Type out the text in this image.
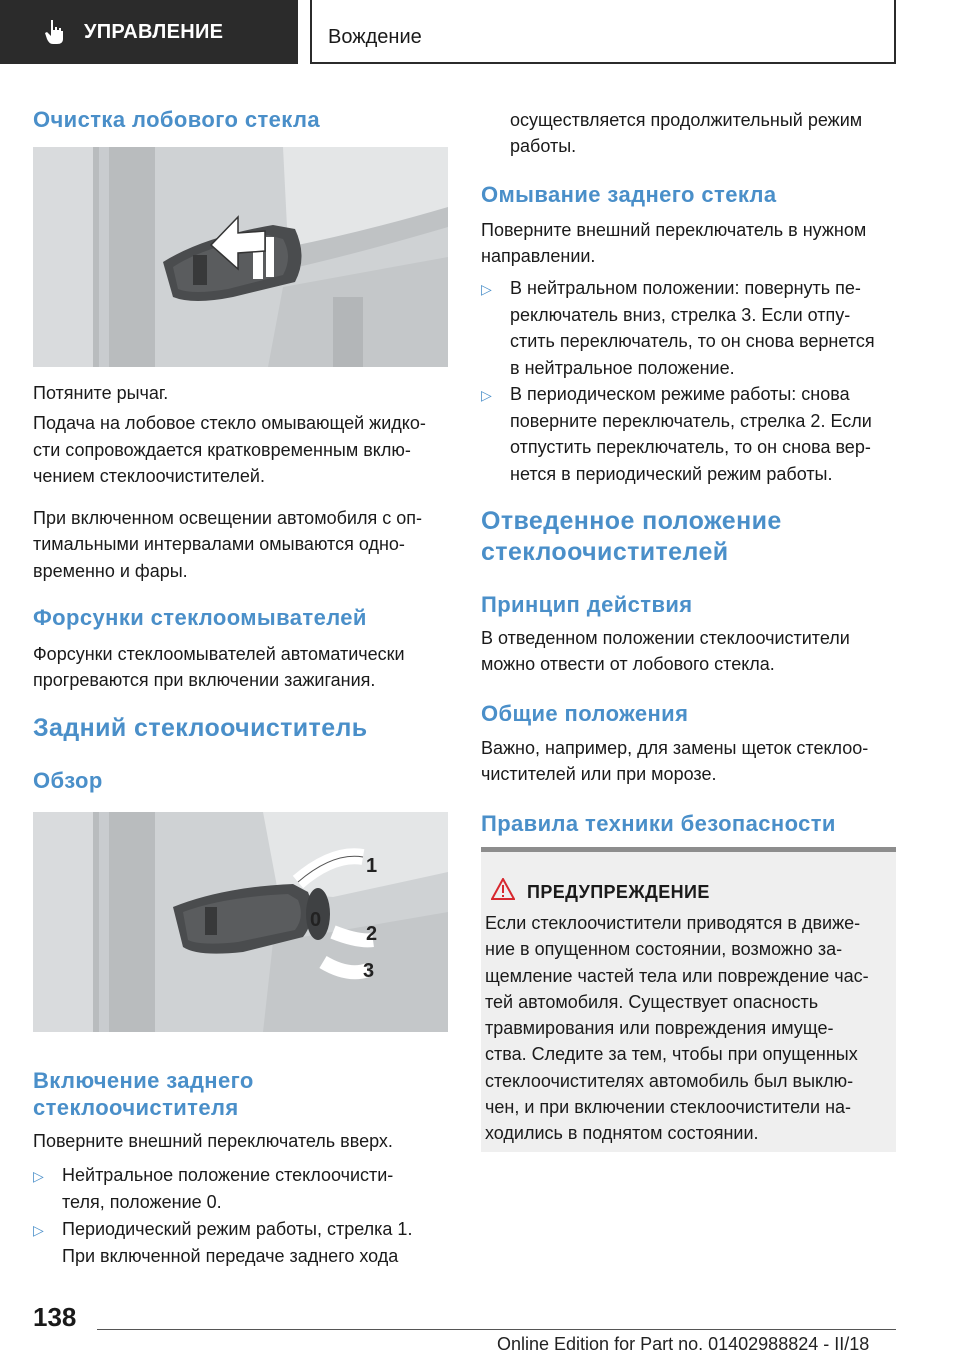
УПРАВЛЕНИЕ	Вождение
Очистка лобового стекла
Потяните рычаг.
Подача на лобовое стекло омывающей жидко-
сти сопровождается кратковременным вклю-
чением стеклоочистителей.
При включенном освещении автомобиля с оп-
тимальными интервалами омываются одно-
временно и фары.
Форсунки стеклоомывателей
Форсунки стеклоомывателей автоматически
прогреваются при включении зажигания.
Задний стеклоочиститель
Обзор
1
0
2
3
Включение заднего
стеклоочистителя
Поверните внешний переключатель вверх.
▷ Нейтральное положение стеклоочисти-
теля, положение 0.
▷ Периодический режим работы, стрелка 1.
При включенной передаче заднего хода
осуществляется продолжительный режим
работы.
Омывание заднего стекла
Поверните внешний переключатель в нужном
направлении.
▷ В нейтральном положении: повернуть пе-
реключатель вниз, стрелка 3. Если отпу-
стить переключатель, то он снова вернется
в нейтральное положение.
▷ В периодическом режиме работы: снова
поверните переключатель, стрелка 2. Если
отпустить переключатель, то он снова вер-
нется в периодический режим работы.
Отведенное положение
стеклоочистителей
Принцип действия
В отведенном положении стеклоочистители
можно отвести от лобового стекла.
Общие положения
Важно, например, для замены щеток стеклоо-
чистителей или при морозе.
Правила техники безопасности
ПРЕДУПРЕЖДЕНИЕ
Если стеклоочистители приводятся в движе-
ние в опущенном состоянии, возможно за-
щемление частей тела или повреждение час-
тей автомобиля. Существует опасность
травмирования или повреждения имуще-
ства. Следите за тем, чтобы при опущенных
стеклоочистителях автомобиль был выклю-
чен, и при включении стеклоочистители на-
ходились в поднятом состоянии.
138
Online Edition for Part no. 01402988824 - II/18
